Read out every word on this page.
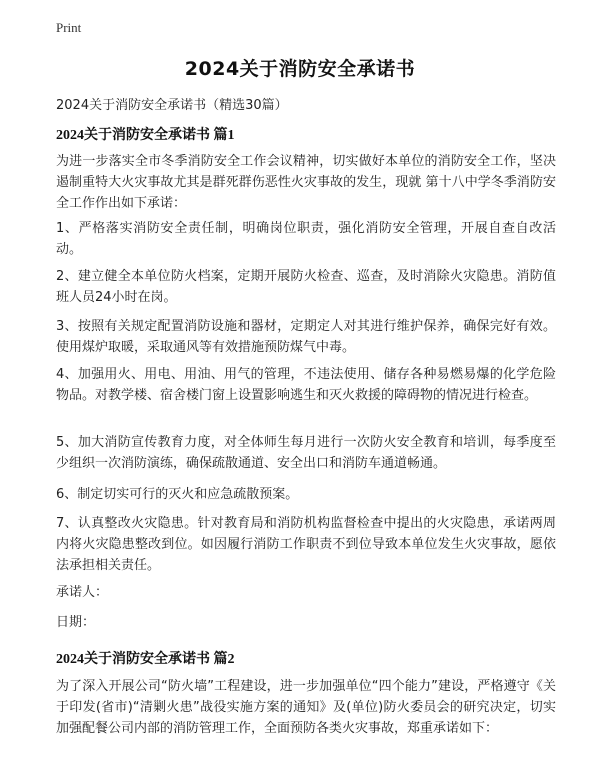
Print
2024关于消防安全承诺书
2024关于消防安全承诺书（精选30篇）
2024关于消防安全承诺书 篇1
为进一步落实全市冬季消防安全工作会议精神，切实做好本单位的消防安全工作，坚决遏制重特大火灾事故尤其是群死群伤恶性火灾事故的发生，现就 第十八中学冬季消防安全工作作出如下承诺：
1、严格落实消防安全责任制，明确岗位职责，强化消防安全管理，开展自查自改活动。
2、建立健全本单位防火档案，定期开展防火检查、巡查，及时消除火灾隐患。消防值班人员24小时在岗。
3、按照有关规定配置消防设施和器材，定期定人对其进行维护保养，确保完好有效。使用煤炉取暖，采取通风等有效措施预防煤气中毒。
4、加强用火、用电、用油、用气的管理，不违法使用、储存各种易燃易爆的化学危险物品。对教学楼、宿舍楼门窗上设置影响逃生和灭火救援的障碍物的情况进行检查。
5、加大消防宣传教育力度，对全体师生每月进行一次防火安全教育和培训，每季度至少组织一次消防演练，确保疏散通道、安全出口和消防车通道畅通。
6、制定切实可行的灭火和应急疏散预案。
7、认真整改火灾隐患。针对教育局和消防机构监督检查中提出的火灾隐患，承诺两周内将火灾隐患整改到位。如因履行消防工作职责不到位导致本单位发生火灾事故，愿依法承担相关责任。
承诺人：
日期：
2024关于消防安全承诺书 篇2
为了深入开展公司“防火墙”工程建设，进一步加强单位“四个能力”建设，严格遵守《关于印发(省市)“清剿火患”战役实施方案的通知》及(单位)防火委员会的研究决定，切实加强配餐公司内部的消防管理工作，全面预防各类火灾事故，郑重承诺如下：
